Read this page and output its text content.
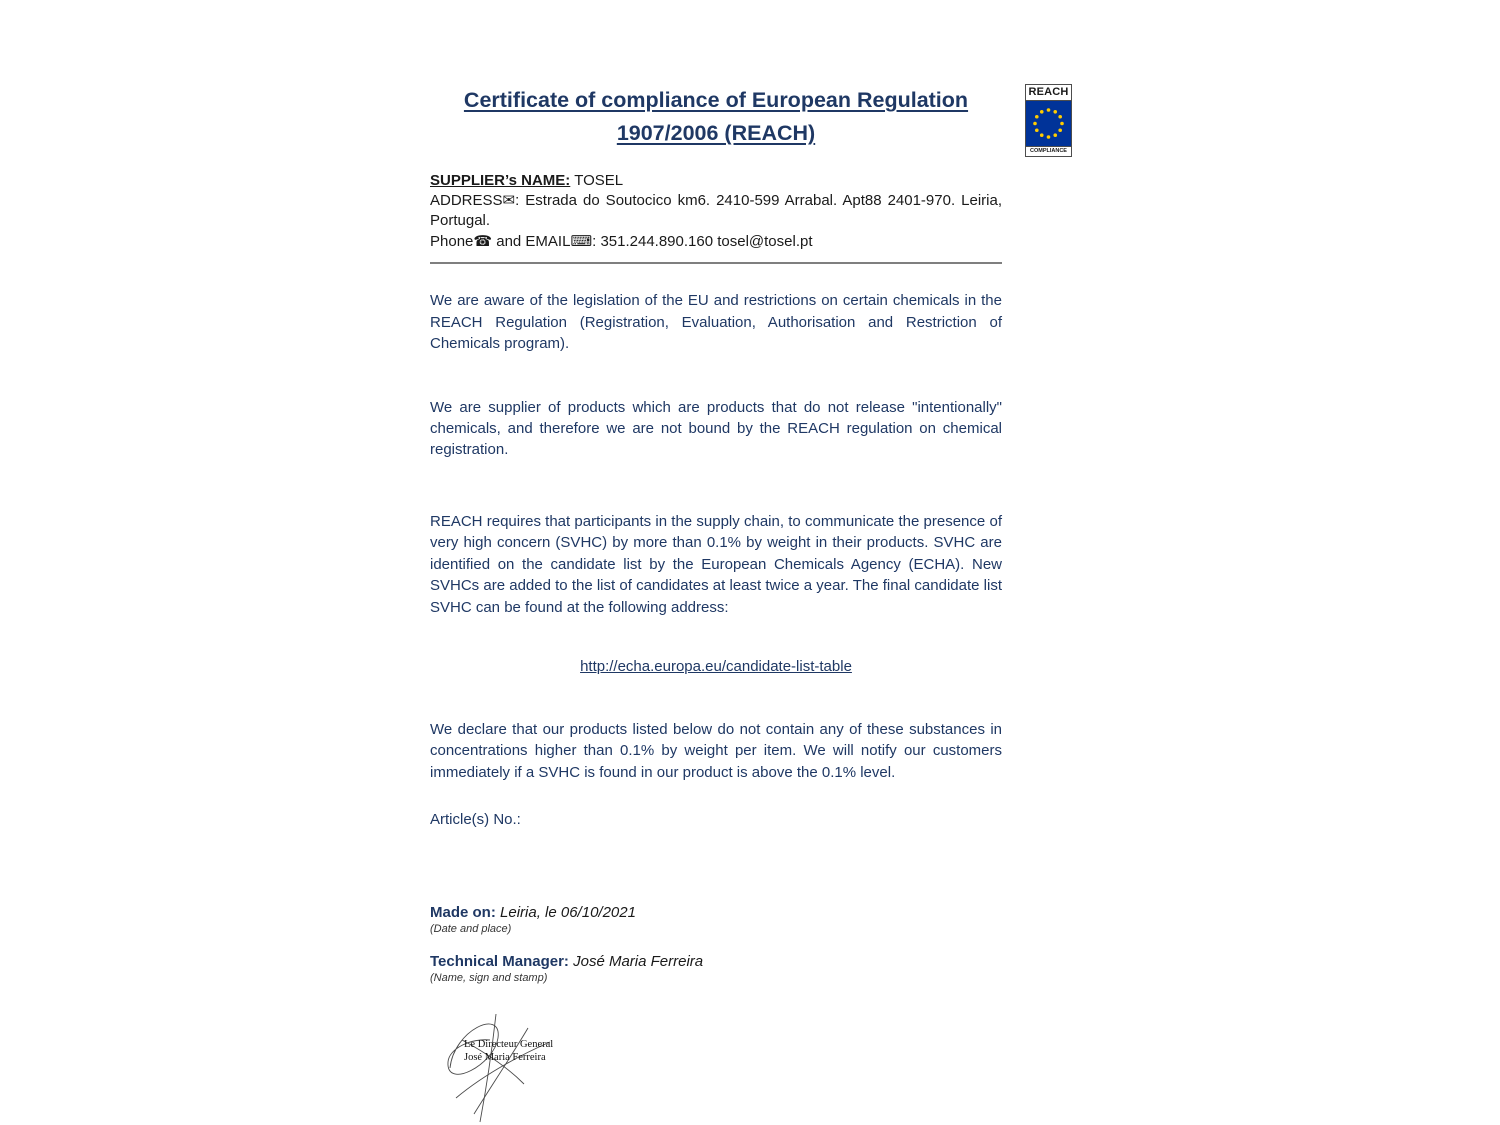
REACH
COMPLIANCE
Certificate of compliance of European Regulation
1907/2006 (REACH)
SUPPLIER’s NAME: TOSEL
ADDRESS✉: Estrada do Soutocico km6. 2410-599 Arrabal. Apt88 2401-970. Leiria, Portugal.
Phone☎ and EMAIL⌨: 351.244.890.160 tosel@tosel.pt
We are aware of the legislation of the EU and restrictions on certain chemicals in the REACH Regulation (Registration, Evaluation, Authorisation and Restriction of Chemicals program).
We are supplier of products which are products that do not release "intentionally" chemicals, and therefore we are not bound by the REACH regulation on chemical registration.
REACH requires that participants in the supply chain, to communicate the presence of very high concern (SVHC) by more than 0.1% by weight in their products. SVHC are identified on the candidate list by the European Chemicals Agency (ECHA). New SVHCs are added to the list of candidates at least twice a year. The final candidate list SVHC can be found at the following address:
http://echa.europa.eu/candidate-list-table
We declare that our products listed below do not contain any of these substances in concentrations higher than 0.1% by weight per item. We will notify our customers immediately if a SVHC is found in our product is above the 0.1% level.
Article(s) No.:
Made on: Leiria, le 06/10/2021
(Date and place)
Technical Manager: José Maria Ferreira
(Name, sign and stamp)
Le Directeur General
José Maria Ferreira
